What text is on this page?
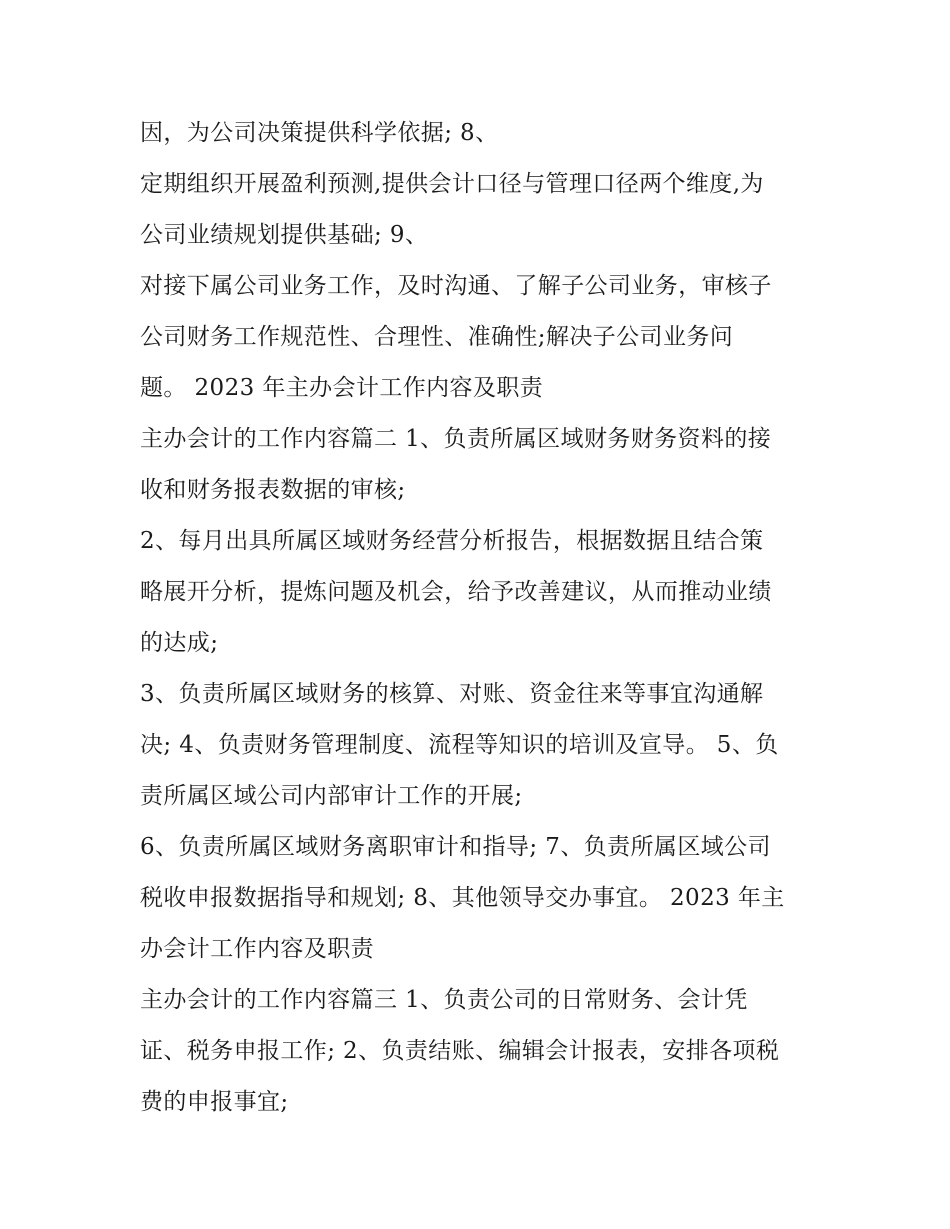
因，为公司决策提供科学依据; 8、
定期组织开展盈利预测,提供会计口径与管理口径两个维度,为
公司业绩规划提供基础; 9、
对接下属公司业务工作，及时沟通、了解子公司业务，审核子
公司财务工作规范性、合理性、准确性;解决子公司业务问
题。 2023 年主办会计工作内容及职责
主办会计的工作内容篇二 1、负责所属区域财务财务资料的接
收和财务报表数据的审核;
2、每月出具所属区域财务经营分析报告，根据数据且结合策
略展开分析，提炼问题及机会，给予改善建议，从而推动业绩
的达成;
3、负责所属区域财务的核算、对账、资金往来等事宜沟通解
决; 4、负责财务管理制度、流程等知识的培训及宣导。 5、负
责所属区域公司内部审计工作的开展;
6、负责所属区域财务离职审计和指导; 7、负责所属区域公司
税收申报数据指导和规划; 8、其他领导交办事宜。 2023 年主
办会计工作内容及职责
主办会计的工作内容篇三 1、负责公司的日常财务、会计凭
证、税务申报工作; 2、负责结账、编辑会计报表，安排各项税
费的申报事宜;
